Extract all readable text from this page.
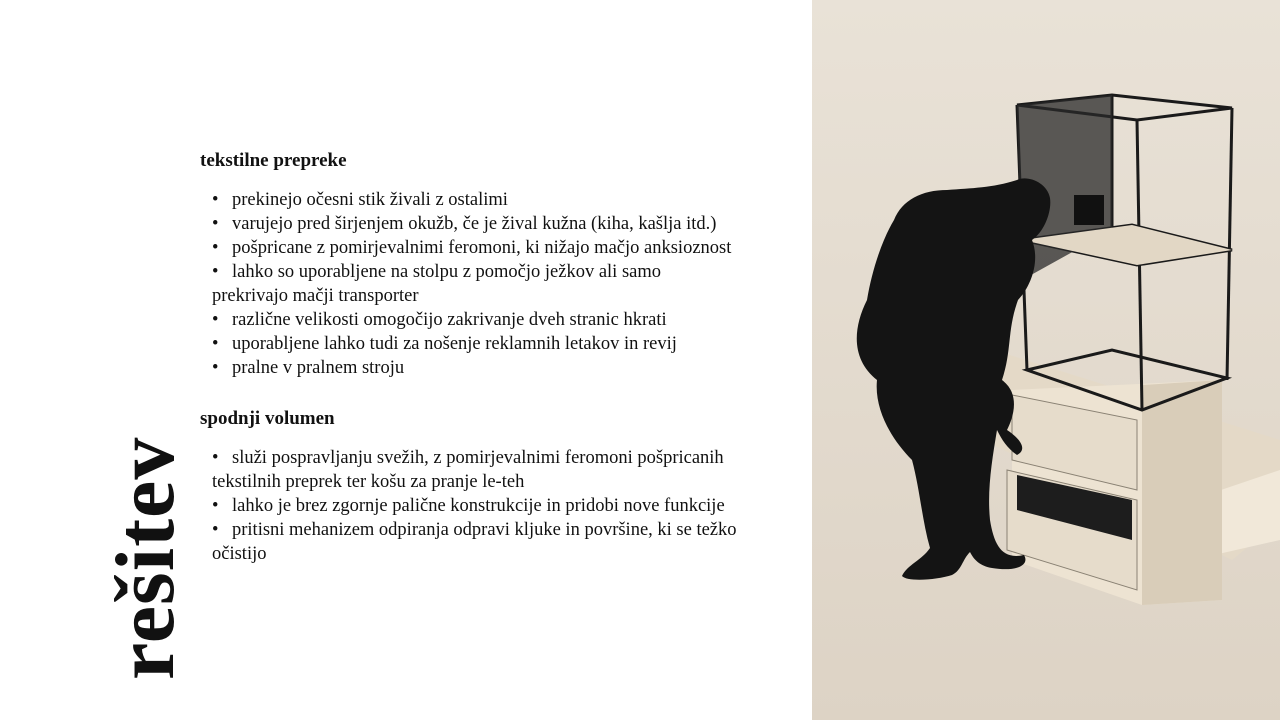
rešitev
tekstilne prepreke
• prekinejo očesni stik živali z ostalimi
• varujejo pred širjenjem okužb, če je žival kužna (kiha, kašlja itd.)
• pošpricane z pomirjevalnimi feromoni, ki nižajo mačjo anksioznost
• lahko so uporabljene na stolpu z pomočjo ježkov ali samo prekrivajo mačji transporter
• različne velikosti omogočijo zakrivanje dveh stranic hkrati
• uporabljene lahko tudi za nošenje reklamnih letakov in revij
• pralne v pralnem stroju
spodnji volumen
• služi pospravljanju svežih, z pomirjevalnimi feromoni pošpricanih tekstilnih preprek ter košu za pranje le-teh
• lahko je brez zgornje palične konstrukcije in pridobi nove funkcije
• pritisni mehanizem odpiranja odpravi kljuke in površine, ki se težko očistijo
